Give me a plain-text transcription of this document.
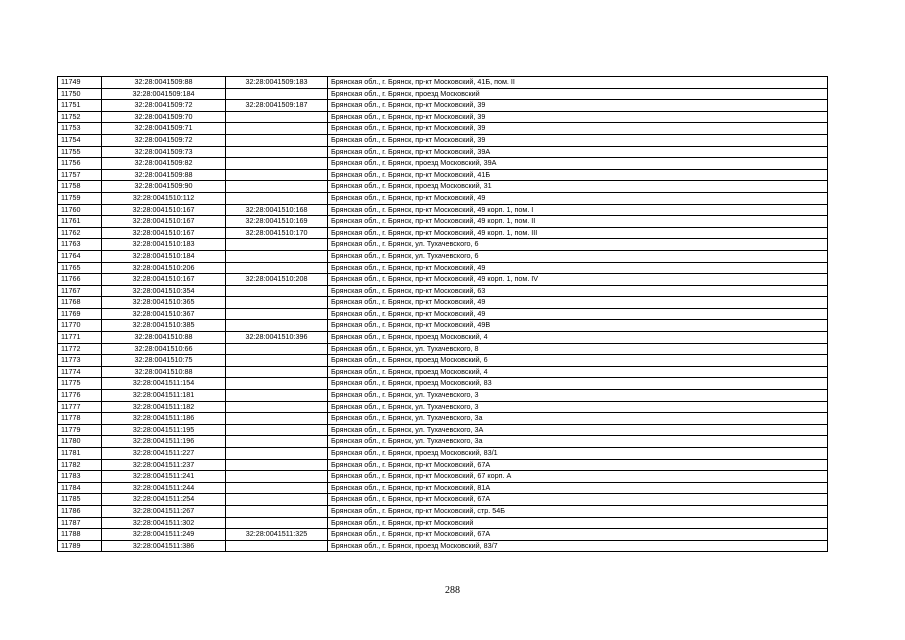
11749	32:28:0041509:88	32:28:0041509:183	Брянская обл., г. Брянск, пр-кт Московский, 41Б, пом. II
11750	32:28:0041509:184		Брянская обл., г. Брянск, проезд Московский
11751	32:28:0041509:72	32:28:0041509:187	Брянская обл., г. Брянск, пр-кт Московский, 39
11752	32:28:0041509:70		Брянская обл., г. Брянск, пр-кт Московский, 39
11753	32:28:0041509:71		Брянская обл., г. Брянск, пр-кт Московский, 39
11754	32:28:0041509:72		Брянская обл., г. Брянск, пр-кт Московский, 39
11755	32:28:0041509:73		Брянская обл., г. Брянск, пр-кт Московский, 39А
11756	32:28:0041509:82		Брянская обл., г. Брянск, проезд Московский, 39А
11757	32:28:0041509:88		Брянская обл., г. Брянск, пр-кт Московский, 41Б
11758	32:28:0041509:90		Брянская обл., г. Брянск, проезд Московский, 31
11759	32:28:0041510:112		Брянская обл., г. Брянск, пр-кт Московский, 49
11760	32:28:0041510:167	32:28:0041510:168	Брянская обл., г. Брянск, пр-кт Московский, 49 корп. 1, пом. I
11761	32:28:0041510:167	32:28:0041510:169	Брянская обл., г. Брянск, пр-кт Московский, 49 корп. 1, пом. II
11762	32:28:0041510:167	32:28:0041510:170	Брянская обл., г. Брянск, пр-кт Московский, 49 корп. 1, пом. III
11763	32:28:0041510:183		Брянская обл., г. Брянск, ул. Тухачевского, 6
11764	32:28:0041510:184		Брянская обл., г. Брянск, ул. Тухачевского, 6
11765	32:28:0041510:206		Брянская обл., г. Брянск, пр-кт Московский, 49
11766	32:28:0041510:167	32:28:0041510:208	Брянская обл., г. Брянск, пр-кт Московский, 49 корп. 1, пом. IV
11767	32:28:0041510:354		Брянская обл., г. Брянск, пр-кт Московский, 63
11768	32:28:0041510:365		Брянская обл., г. Брянск, пр-кт Московский, 49
11769	32:28:0041510:367		Брянская обл., г. Брянск, пр-кт Московский, 49
11770	32:28:0041510:385		Брянская обл., г. Брянск, пр-кт Московский, 49В
11771	32:28:0041510:88	32:28:0041510:396	Брянская обл., г. Брянск, проезд Московский, 4
11772	32:28:0041510:66		Брянская обл., г. Брянск, ул. Тухачевского, 8
11773	32:28:0041510:75		Брянская обл., г. Брянск, проезд Московский, 6
11774	32:28:0041510:88		Брянская обл., г. Брянск, проезд Московский, 4
11775	32:28:0041511:154		Брянская обл., г. Брянск, проезд Московский, 83
11776	32:28:0041511:181		Брянская обл., г. Брянск, ул. Тухачевского, 3
11777	32:28:0041511:182		Брянская обл., г. Брянск, ул. Тухачевского, 3
11778	32:28:0041511:186		Брянская обл., г. Брянск, ул. Тухачевского, 3а
11779	32:28:0041511:195		Брянская обл., г. Брянск, ул. Тухачевского, 3А
11780	32:28:0041511:196		Брянская обл., г. Брянск, ул. Тухачевского, 3а
11781	32:28:0041511:227		Брянская обл., г. Брянск, проезд Московский, 83/1
11782	32:28:0041511:237		Брянская обл., г. Брянск, пр-кт Московский, 67А
11783	32:28:0041511:241		Брянская обл., г. Брянск, пр-кт Московский, 67 корп. А
11784	32:28:0041511:244		Брянская обл., г. Брянск, пр-кт Московский, 81А
11785	32:28:0041511:254		Брянская обл., г. Брянск, пр-кт Московский, 67А
11786	32:28:0041511:267		Брянская обл., г. Брянск, пр-кт Московский, стр. 54Б
11787	32:28:0041511:302		Брянская обл., г. Брянск, пр-кт Московский
11788	32:28:0041511:249	32:28:0041511:325	Брянская обл., г. Брянск, пр-кт Московский, 67А
11789	32:28:0041511:386		Брянская обл., г. Брянск, проезд Московский, 83/7
288
